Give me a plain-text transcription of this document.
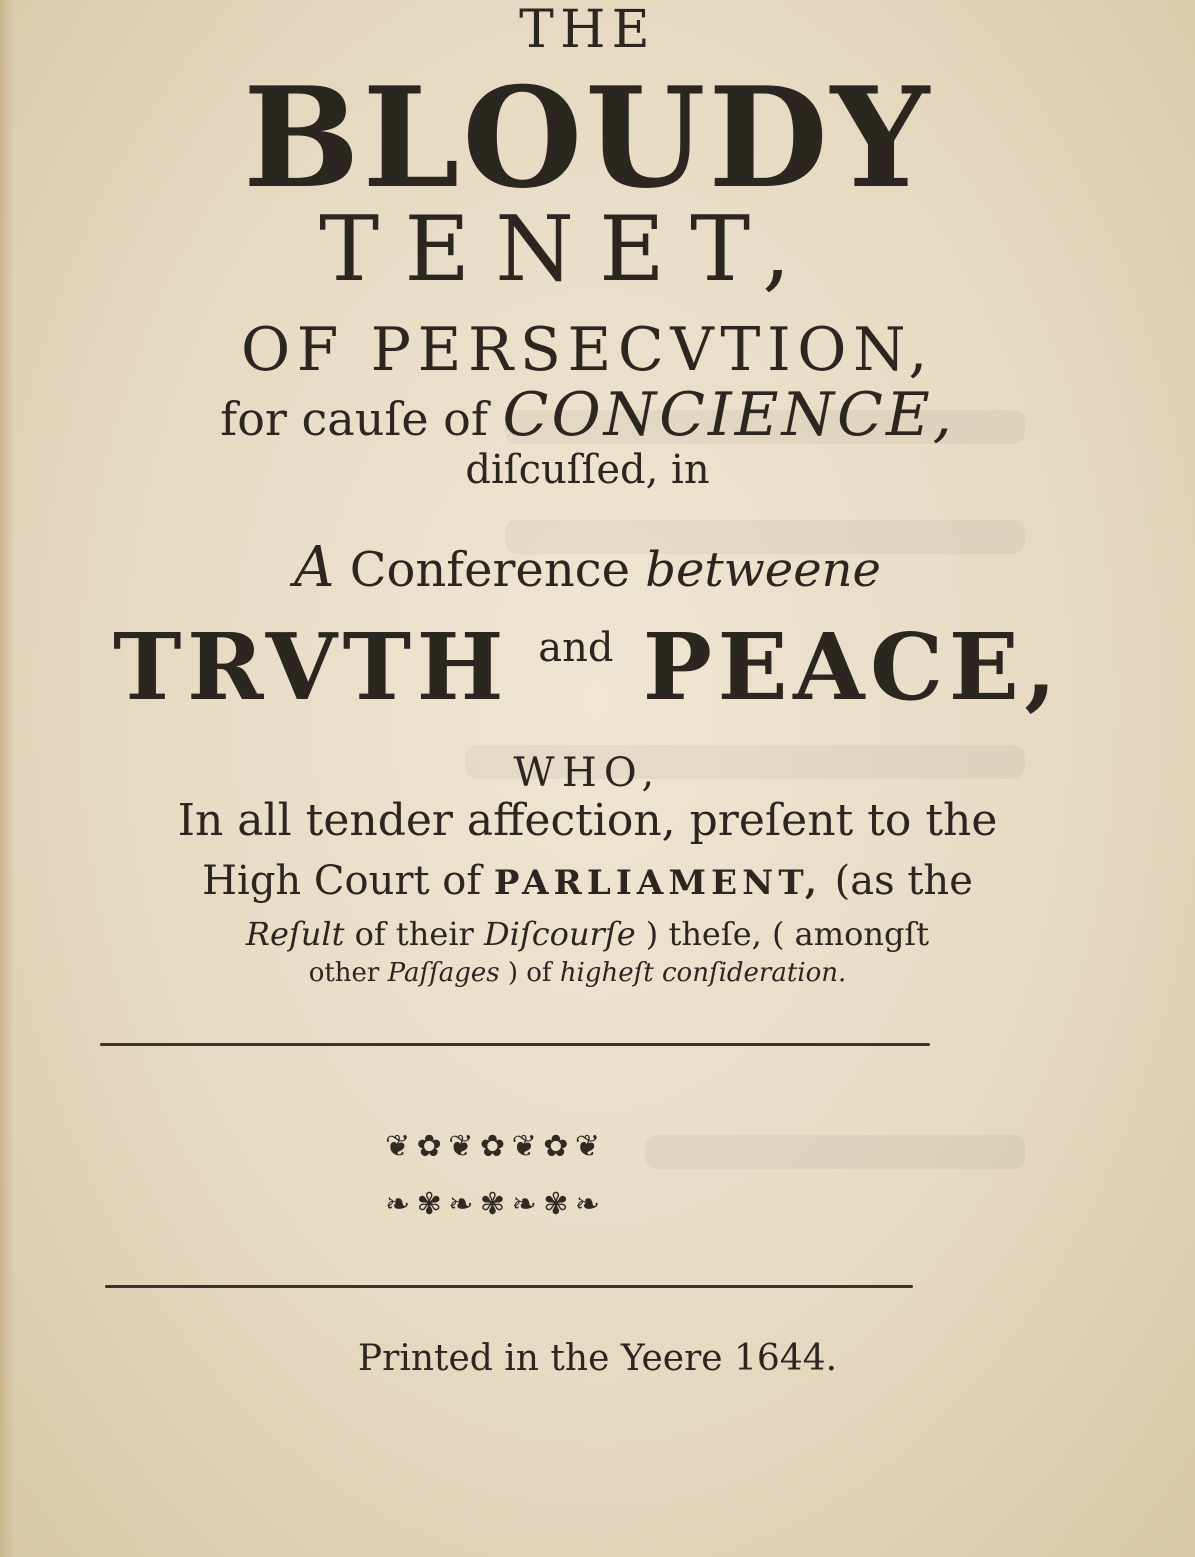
THE
BLOUDY
TENET,
OF PERSECVTION,
for cauſe of CONCIENCE,
diſcuſſed, in
A Conference betweene
TRVTH $^{and}$ PEACE,
WHO,
In all tender affection, preſent to the
High Court of PARLIAMENT, (as the
Reſult of their Diſcourſe ) theſe, ( amongſt
other Paſſages ) of higheſt conſideration.
❦ ✿ ❦ ✿ ❦ ✿ ❦
❧ ✾ ❧ ✾ ❧ ✾ ❧
Printed in the Yeere 1644.
